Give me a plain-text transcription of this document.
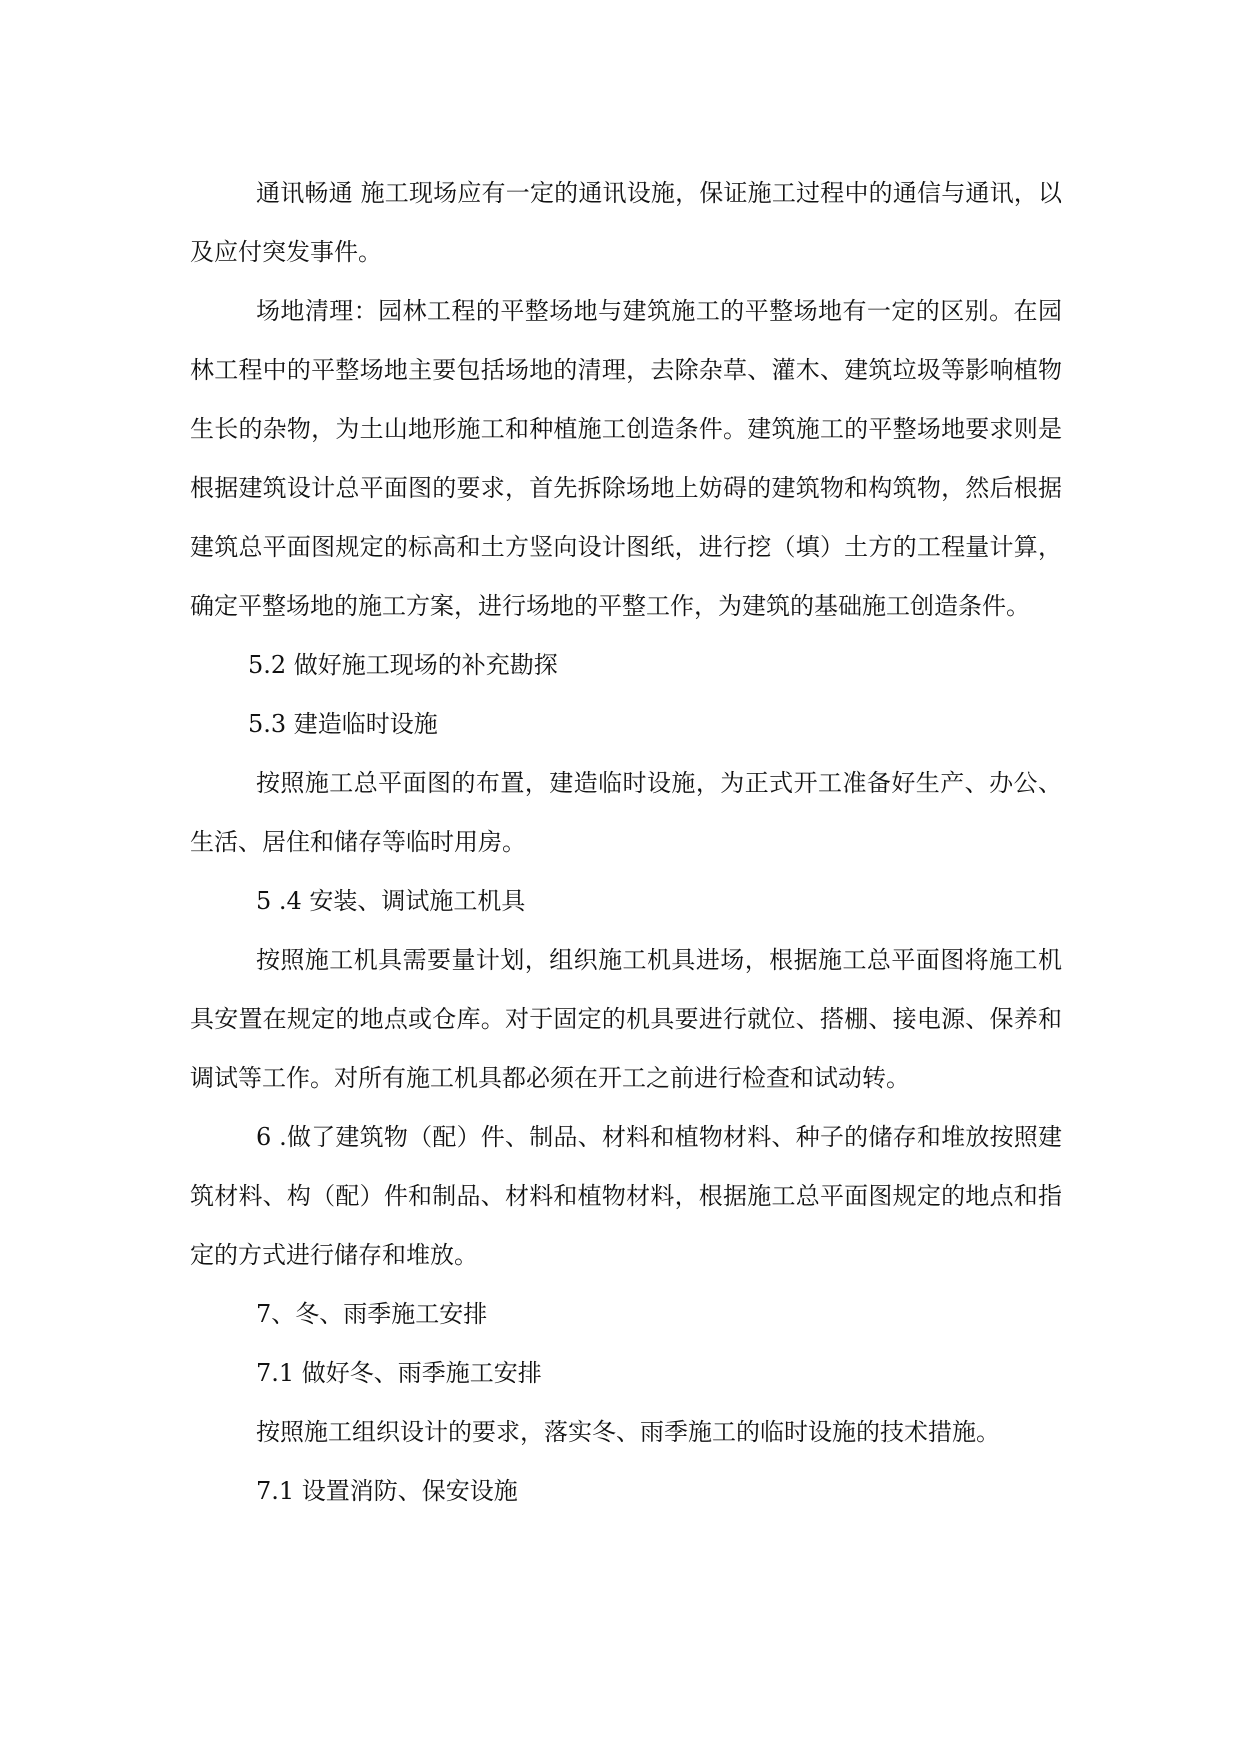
通讯畅通 施工现场应有一定的通讯设施，保证施工过程中的通信与通讯，以及应付突发事件。

场地清理：园林工程的平整场地与建筑施工的平整场地有一定的区别。在园林工程中的平整场地主要包括场地的清理，去除杂草、灌木、建筑垃圾等影响植物生长的杂物，为土山地形施工和种植施工创造条件。建筑施工的平整场地要求则是根据建筑设计总平面图的要求，首先拆除场地上妨碍的建筑物和构筑物，然后根据建筑总平面图规定的标高和土方竖向设计图纸，进行挖（填）土方的工程量计算，确定平整场地的施工方案，进行场地的平整工作，为建筑的基础施工创造条件。

5.2 做好施工现场的补充勘探

5.3 建造临时设施

按照施工总平面图的布置，建造临时设施，为正式开工准备好生产、办公、生活、居住和储存等临时用房。

5 .4 安装、调试施工机具

按照施工机具需要量计划，组织施工机具进场，根据施工总平面图将施工机具安置在规定的地点或仓库。对于固定的机具要进行就位、搭棚、接电源、保养和调试等工作。对所有施工机具都必须在开工之前进行检查和试动转。

6 .做了建筑物（配）件、制品、材料和植物材料、种子的储存和堆放按照建筑材料、构（配）件和制品、材料和植物材料，根据施工总平面图规定的地点和指定的方式进行储存和堆放。

7、冬、雨季施工安排

7.1 做好冬、雨季施工安排

按照施工组织设计的要求，落实冬、雨季施工的临时设施的技术措施。

7.1 设置消防、保安设施
